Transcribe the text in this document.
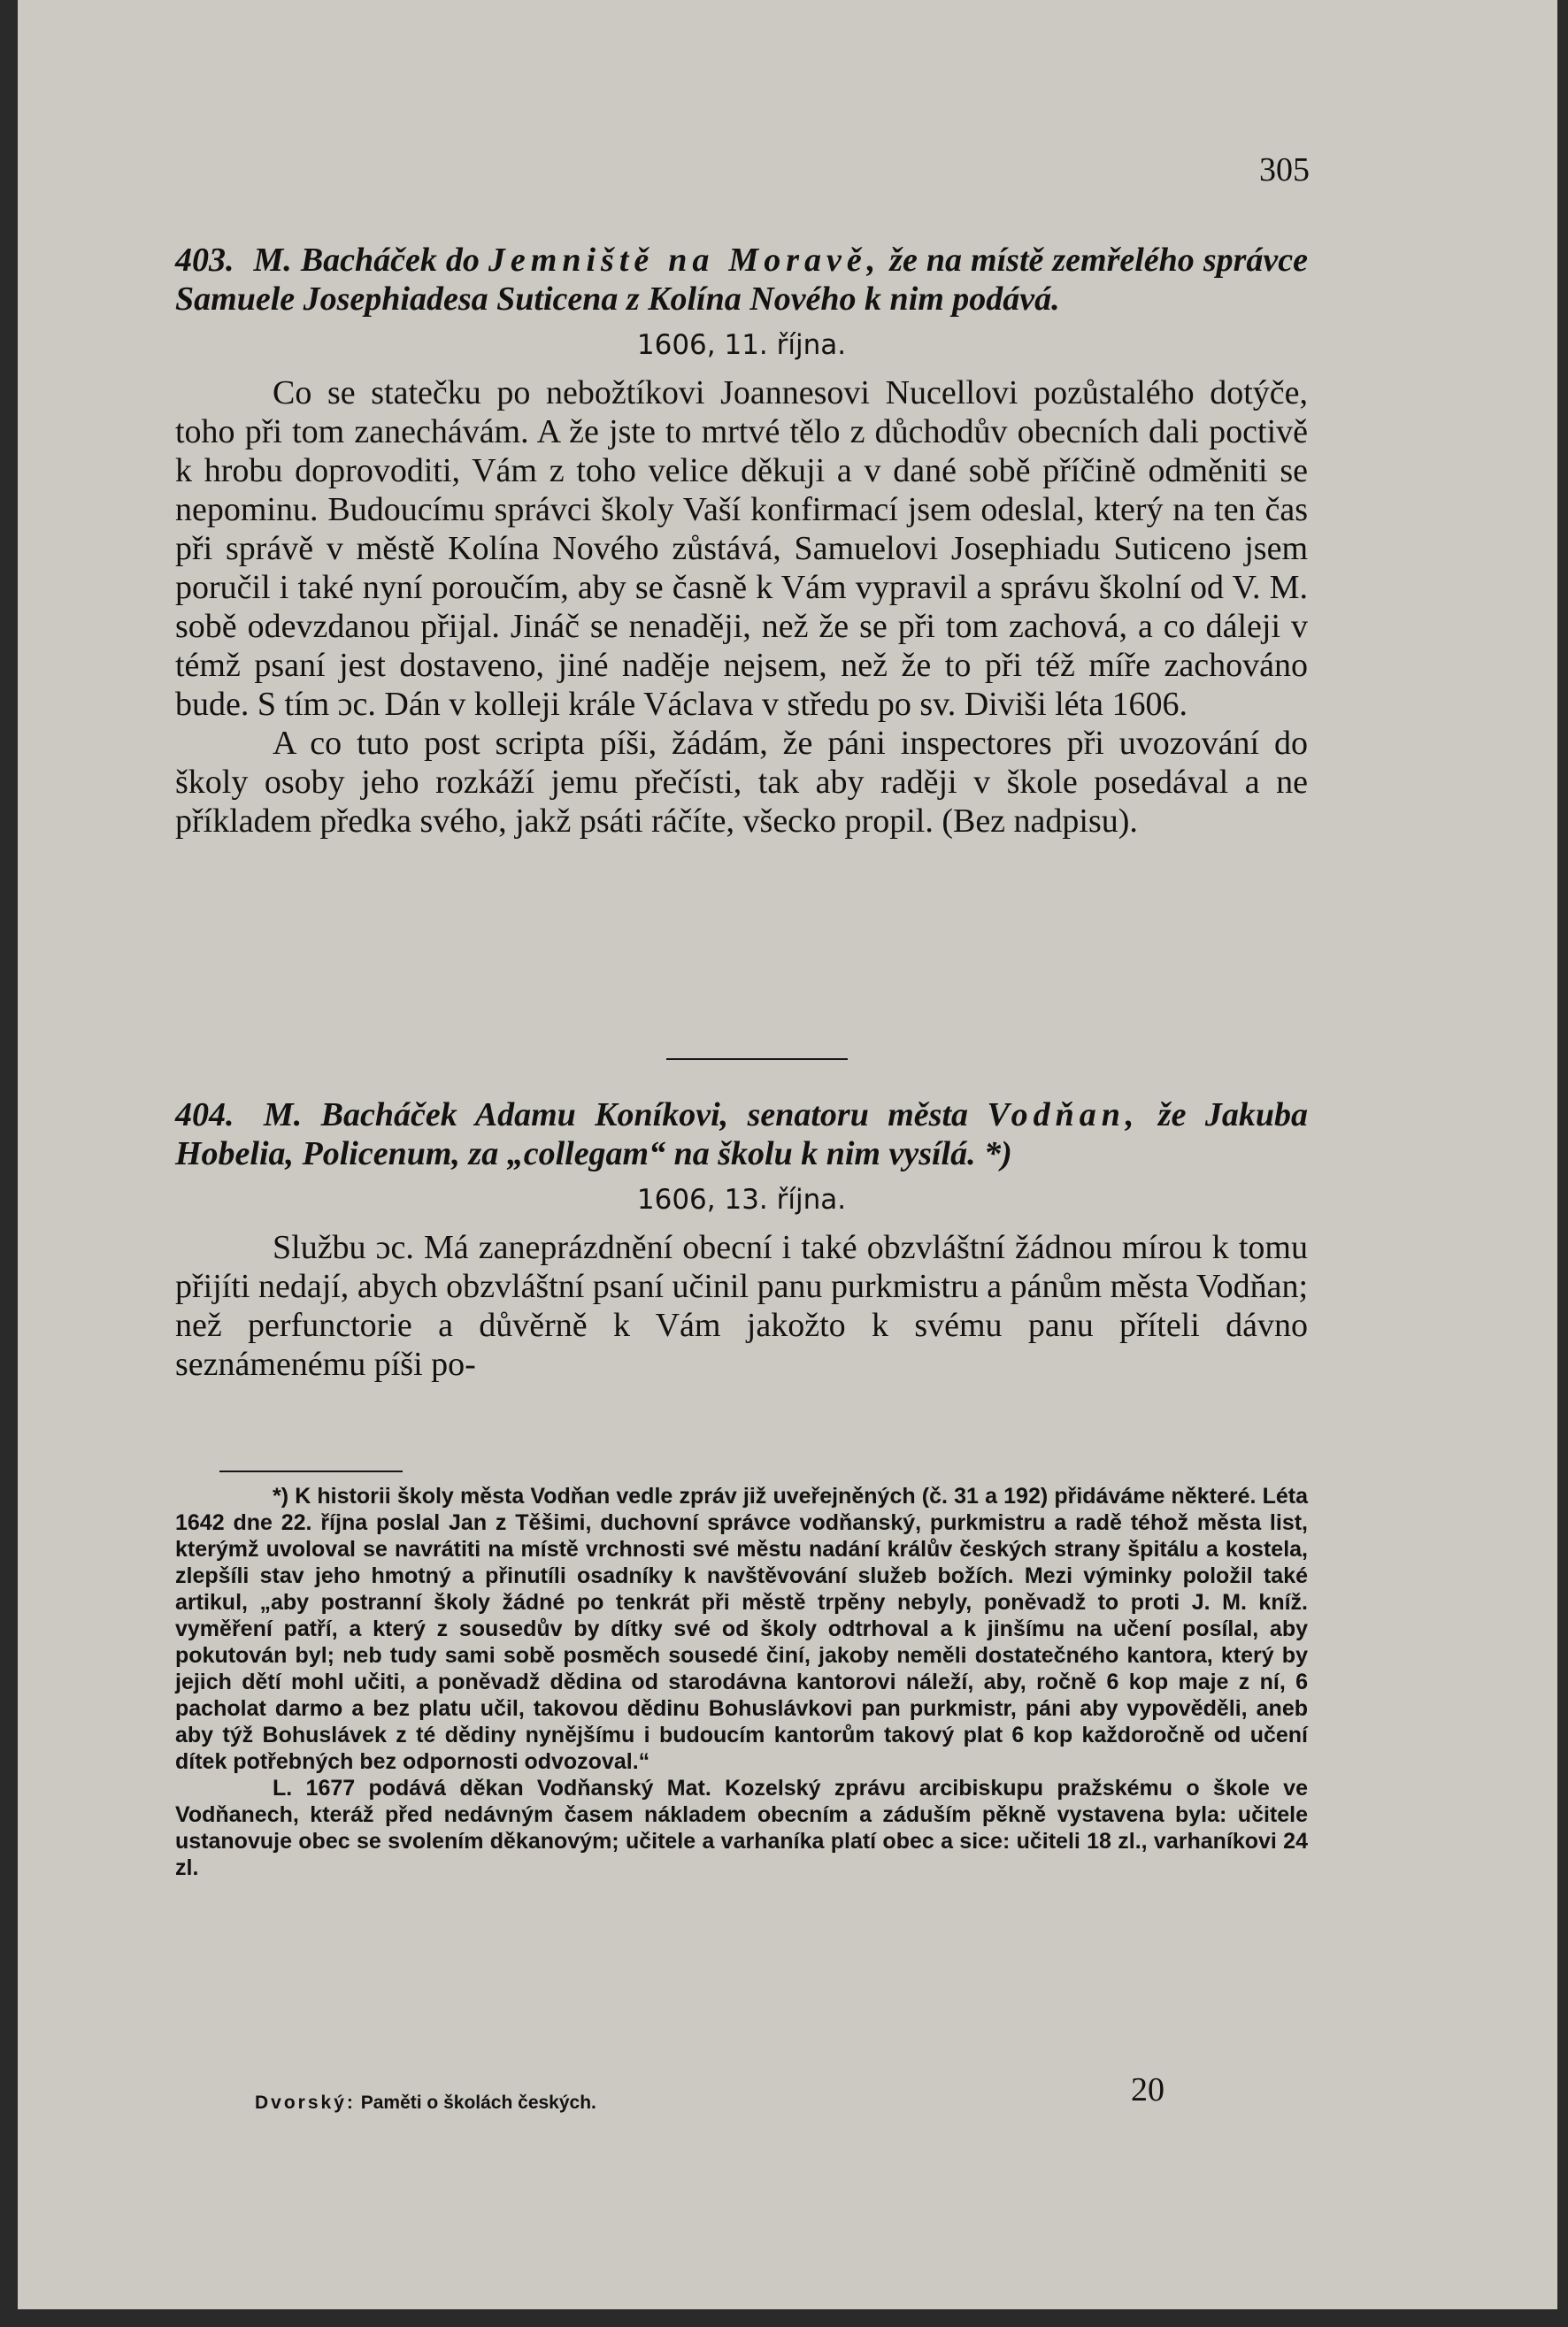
305

403. M. Bacháček do Jemniště na Moravě, že na místě zemřelého správce Samuele Josephiadesa Suticena z Kolína Nového k nim podává.

1606, 11. října.

Co se statečku po nebožtíkovi Joannesovi Nucellovi pozůstalého dotýče, toho při tom zanechávám. A že jste to mrtvé tělo z důchodův obecních dali poctivě k hrobu doprovoditi, Vám z toho velice děkuji a v dané sobě příčině odměniti se nepominu. Budoucímu správci školy Vaší konfirmací jsem odeslal, který na ten čas při správě v městě Kolína Nového zůstává, Samuelovi Josephiadu Suticeno jsem poručil i také nyní poroučím, aby se časně k Vám vypravil a správu školní od V. M. sobě odevzdanou přijal. Jináč se nenaději, než že se při tom zachová, a co dáleji v témž psaní jest dostaveno, jiné naděje nejsem, než že to při též míře zachováno bude. S tím ɔc. Dán v kolleji krále Václava v středu po sv. Diviši léta 1606.

A co tuto post scripta píši, žádám, že páni inspectores při uvozování do školy osoby jeho rozkáží jemu přečísti, tak aby raději v škole posedával a ne příkladem předka svého, jakž psáti ráčíte, všecko propil. (Bez nadpisu).

404. M. Bacháček Adamu Koníkovi, senatoru města Vodňan, že Jakuba Hobelia, Policenum, za „collegam“ na školu k nim vysílá. *)

1606, 13. října.

Službu ɔc. Má zaneprázdnění obecní i také obzvláštní žádnou mírou k tomu přijíti nedají, abych obzvláštní psaní učinil panu purkmistru a pánům města Vodňan; než perfunctorie a důvěrně k Vám jakožto k svému panu příteli dávno seznámenému píši po-

*) K historii školy města Vodňan vedle zpráv již uveřejněných (č. 31 a 192) přidáváme některé. Léta 1642 dne 22. října poslal Jan z Těšimi, duchovní správce vodňanský, purkmistru a radě téhož města list, kterýmž uvoloval se navrátiti na místě vrchnosti své městu nadání králův českých strany špitálu a kostela, zlepšíli stav jeho hmotný a přinutíli osadníky k navštěvování služeb božích. Mezi výminky položil také artikul, „aby postranní školy žádné po tenkrát při městě trpěny nebyly, poněvadž to proti J. M. kníž. vyměření patří, a který z sousedův by dítky své od školy odtrhoval a k jinšímu na učení posílal, aby pokutován byl; neb tudy sami sobě posměch sousedé činí, jakoby neměli dostatečného kantora, který by jejich dětí mohl učiti, a poněvadž dědina od starodávna kantorovi náleží, aby, ročně 6 kop maje z ní, 6 pacholat darmo a bez platu učil, takovou dědinu Bohuslávkovi pan purkmistr, páni aby vypověděli, aneb aby týž Bohuslávek z té dědiny nynějšímu i budoucím kantorům takový plat 6 kop každoročně od učení dítek potřebných bez odpornosti odvozoval.“

L. 1677 podává děkan Vodňanský Mat. Kozelský zprávu arcibiskupu pražskému o škole ve Vodňanech, kteráž před nedávným časem nákladem obecním a záduším pěkně vystavena byla: učitele ustanovuje obec se svolením děkanovým; učitele a varhaníka platí obec a sice: učiteli 18 zl., varhaníkovi 24 zl.

Dvorský: Paměti o školách českých.	20
